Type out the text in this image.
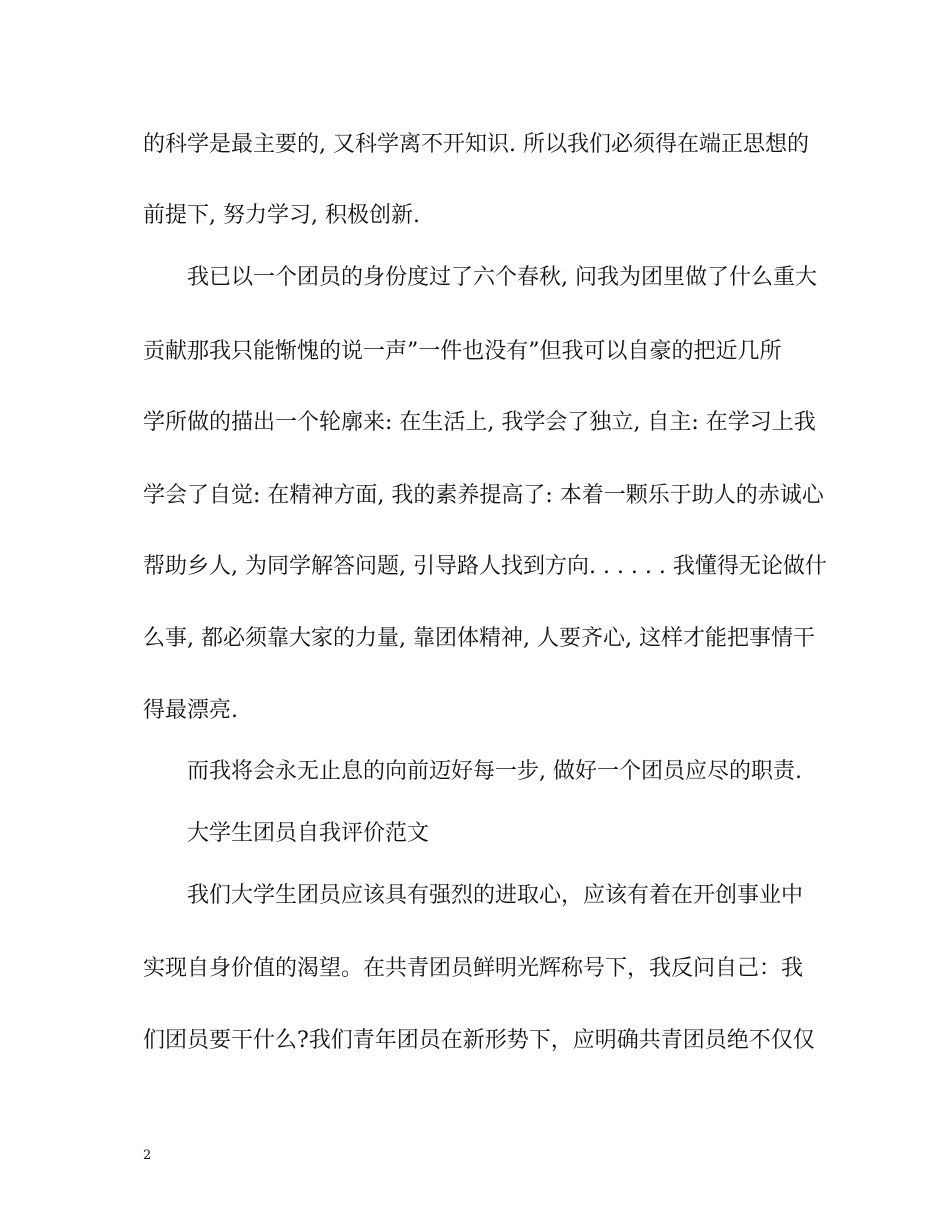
的科学是最主要的, 又科学离不开知识. 所以我们必须得在端正思想的
前提下, 努力学习, 积极创新.
我已以一个团员的身份度过了六个春秋, 问我为团里做了什么重大
贡献那我只能惭愧的说一声”一件也没有”但我可以自豪的把近几所
学所做的描出一个轮廓来: 在生活上, 我学会了独立, 自主: 在学习上我
学会了自觉: 在精神方面, 我的素养提高了: 本着一颗乐于助人的赤诚心
帮助乡人, 为同学解答问题, 引导路人找到方向. . . . . . 我懂得无论做什
么事, 都必须靠大家的力量, 靠团体精神, 人要齐心, 这样才能把事情干
得最漂亮.
而我将会永无止息的向前迈好每一步, 做好一个团员应尽的职责.
大学生团员自我评价范文
我们大学生团员应该具有强烈的进取心，应该有着在开创事业中
实现自身价值的渴望。在共青团员鲜明光辉称号下，我反问自己：我
们团员要干什么?我们青年团员在新形势下，应明确共青团员绝不仅仅
2
